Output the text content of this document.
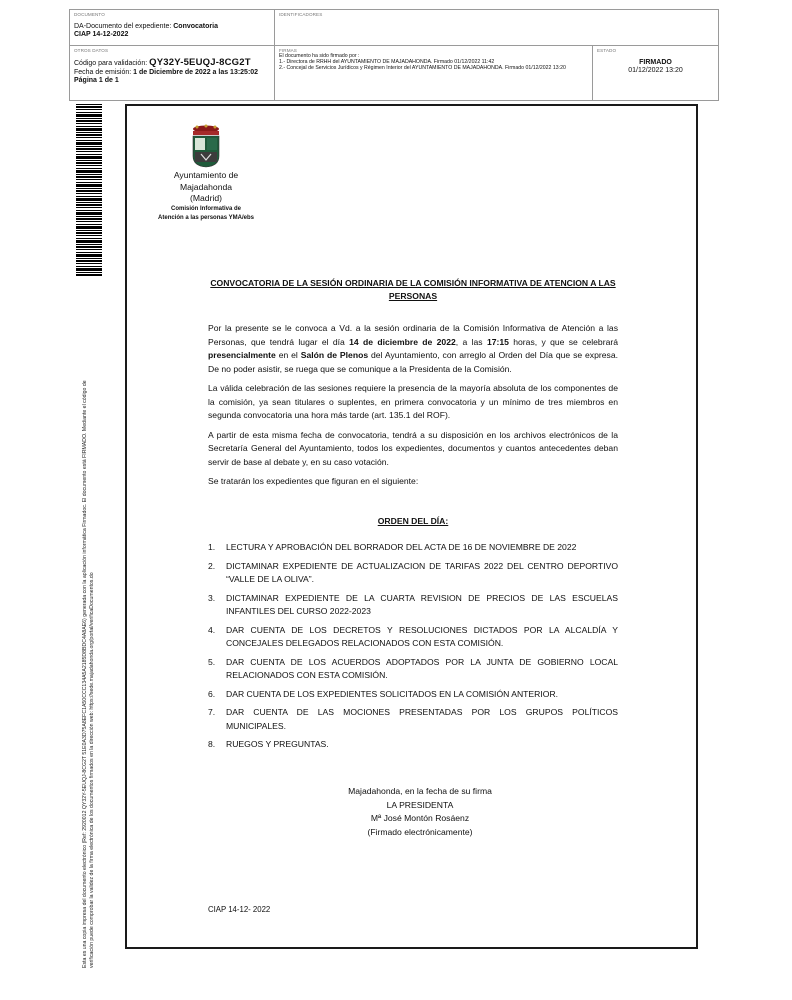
DOCUMENTO
DA-Documento del expediente: Convocatoria
CIAP 14-12-2022
IDENTIFICADORES
OTROS DATOS
Código para validación: QY32Y-5EUQJ-8CG2T
Fecha de emisión: 1 de Diciembre de 2022 a las 13:25:02
Página 1 de 1
FIRMAS
El documento ha sido firmado por :
1.- Directora de RRHH del AYUNTAMIENTO DE MAJADAHONDA. Firmado 01/12/2022 11:42
2.- Concejal de Servicios Jurídicos y Régimen Interior del AYUNTAMIENTO DE MAJADAHONDA. Firmado 01/12/2022 13:20
ESTADO
FIRMADO
01/12/2022 13:20
Esta es una copia impresa del documento electrónico (Ref: 2920012 QY32Y-5EUQJ-8CG2T 51E0A3D75A8EFC1A50CCC134A5A2185D8BDC4A8AE6) generada con la aplicación informática Firmadoc. El documento está FIRMADO. Mediante el código de verificación puede comprobar la validez de la firma electrónica de los documentos firmados en la dirección web: https://sede.majadahonda.org/portal/verificaDocumentos.do
Ayuntamiento de
Majadahonda
(Madrid)
Comisión Informativa de
Atención a las personas YMA/ebs
CONVOCATORIA DE LA SESIÓN ORDINARIA DE LA COMISIÓN INFORMATIVA DE ATENCION A LAS PERSONAS

Por la presente se le convoca a Vd. a la sesión ordinaria de la Comisión Informativa de Atención a las Personas, que tendrá lugar el día 14 de diciembre de 2022, a las 17:15 horas, y que se celebrará presencialmente en el Salón de Plenos del Ayuntamiento, con arreglo al Orden del Día que se expresa. De no poder asistir, se ruega que se comunique a la Presidenta de la Comisión.

La válida celebración de las sesiones requiere la presencia de la mayoría absoluta de los componentes de la comisión, ya sean titulares o suplentes, en primera convocatoria y un mínimo de tres miembros en segunda convocatoria una hora más tarde (art. 135.1 del ROF).

A partir de esta misma fecha de convocatoria, tendrá a su disposición en los archivos electrónicos de la Secretaría General del Ayuntamiento, todos los expedientes, documentos y cuantos antecedentes deban servir de base al debate y, en su caso votación.

Se tratarán los expedientes que figuran en el siguiente:

ORDEN DEL DÍA:
1. LECTURA Y APROBACIÓN DEL BORRADOR DEL ACTA DE 16 DE NOVIEMBRE DE 2022
2. DICTAMINAR EXPEDIENTE DE ACTUALIZACION DE TARIFAS 2022 DEL CENTRO DEPORTIVO “VALLE DE LA OLIVA”.
3. DICTAMINAR EXPEDIENTE DE LA CUARTA REVISION DE PRECIOS DE LAS ESCUELAS INFANTILES DEL CURSO 2022-2023
4. DAR CUENTA DE LOS DECRETOS Y RESOLUCIONES DICTADOS POR LA ALCALDÍA Y CONCEJALES DELEGADOS RELACIONADOS CON ESTA COMISIÓN.
5. DAR CUENTA DE LOS ACUERDOS ADOPTADOS POR LA JUNTA DE GOBIERNO LOCAL RELACIONADOS CON ESTA COMISIÓN.
6. DAR CUENTA DE LOS EXPEDIENTES SOLICITADOS EN LA COMISIÓN ANTERIOR.
7. DAR CUENTA DE LAS MOCIONES PRESENTADAS POR LOS GRUPOS POLÍTICOS MUNICIPALES.
8. RUEGOS Y PREGUNTAS.
Majadahonda, en la fecha de su firma
LA PRESIDENTA
Mª José Montón Rosáenz
(Firmado electrónicamente)
CIAP 14-12- 2022
